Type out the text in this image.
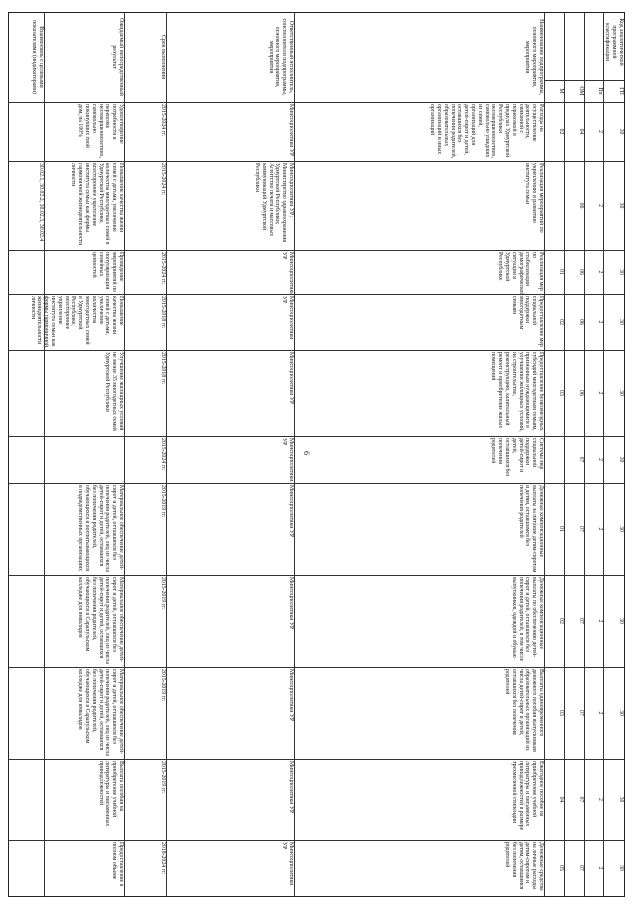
6
Код аналитической программной классификации
ГП
Пп
ОМ
М
Наименование подпрограммы, основного мероприятия, мероприятия
Ответственный исполнитель, соисполнители подпрограммы, основного мероприятия, мероприятия
Срок выполнения
Ожидаемый непосредственный результат
Взаимосвязь с целевыми показателями (индикаторами)
30
2
04
02
Расходы на осуществление деятельности, связанной с перевозкой в пределах Удмуртской Республики несовершеннолетних, самовольно ушедших из семей, организаций для детей-сирот и детей, оставшихся без попечения родителей, образовательных организаций и иных организаций
Минсоцполитики УР
2015-2024 гг.
Удовлетворение потребности в перевозке несовершеннолетних, самовольно покинувших свой дом, на 100%
30
2
06
Реализация мероприятий по укреплению и развитию института семьи
Минсоцполитики УР; Министерство здравоохранения Удмуртской Республики; Агентство печати и массовых коммуникаций Удмуртской Республики
2015-2024 гг.
Повышение качества жизни семей с детьми, увеличение количества многодетных семей в Удмуртской Республике, всестороннее укрепление института семьи как формы гармоничной жизнедеятельности личности
30.02.1, 30.02.2, 30.02.3, 30.02.4
30
2
06
01
Реализация мер по стабилизации демографической ситуации в Удмуртской Республике
Минсоцполитики УР
2015-2024 гг.
Проведение мероприятий по популяризации семейных ценностей
30
2
06
02
Предоставление мер социальной поддержки многодетным семьям
Минсоцполитики УР
2015-2018 гг.
Повышение качества жизни семей с детьми, увеличение количества многодетных семей в Удмуртской Республике, всестороннее укрепление института семьи как формы гармоничной жизнедеятельности личности
30
2
06
03
Предоставление безвозмездных субсидий многодетным семьям, признанным нуждающимися в улучшении жилищных условий, на строительство, реконструкцию, капитальный ремонт и приобретение жилых помещений
Минсоцполитики УР
2015-2018 гг.
Улучшение жилищных условий не менее 35 многодетных семей Удмуртской Республики
30
2
07
Система мер социальной поддержки детей-сирот и детей, оставшихся без попечения родителей
Минсоцполитики УР
2015-2024 гг.
30
2
07
01
Денежные компенсационные выплаты за питание детям-сиротам и детям, оставшимся без попечения родителей
Минсоцполитики УР
2015-2019 гг.
Материальное обеспечение детей-сирот и детей, оставшихся без попечения родителей, лиц из числа детей-сирот и детей, оставшихся без попечения родителей, обучающихся и воспитывающихся в подведомственных организациях
30
2
07
02
Денежные компенсационные выплаты по обеспечению детей-сирот и детей, оставшихся без попечения родителей, в том числе выпускников, одеждой и обувью
Минсоцполитики УР
2015-2019 гг.
Материальное обеспечение детей-сирот и детей, оставшихся без попечения родителей, лиц из числа детей-сирот и детей, оставшихся без попечения родителей, обучающихся в Сарапульском колледже для инвалидов
30
2
07
03
Выплаты единовременного денежного пособия выпускникам образовательных организаций из числа детей-сирот и детей, оставшихся без попечения родителей
Минсоцполитики УР
2015-2019 гг.
Материальное обеспечение детей-сирот и детей, оставшихся без попечения родителей, лиц из числа детей-сирот и детей, оставшихся без попечения родителей, обучающихся в Сарапульском колледже для инвалидов
30
2
07
04
Ежегодное пособие на приобретение учебной литературы и письменных принадлежностей в размере трехмесячной стипендии
Минсоцполитики УР
2015-2019 гг.
Выплата пособия на приобретение учебной литературы и письменных принадлежностей
30
2
07
05
Денежные средства на личные расходы детям-сиротам и детям, оставшимся без попечения родителей
Минсоцполитики УР
2018-2024 гг.
Предоставление в полном объеме
